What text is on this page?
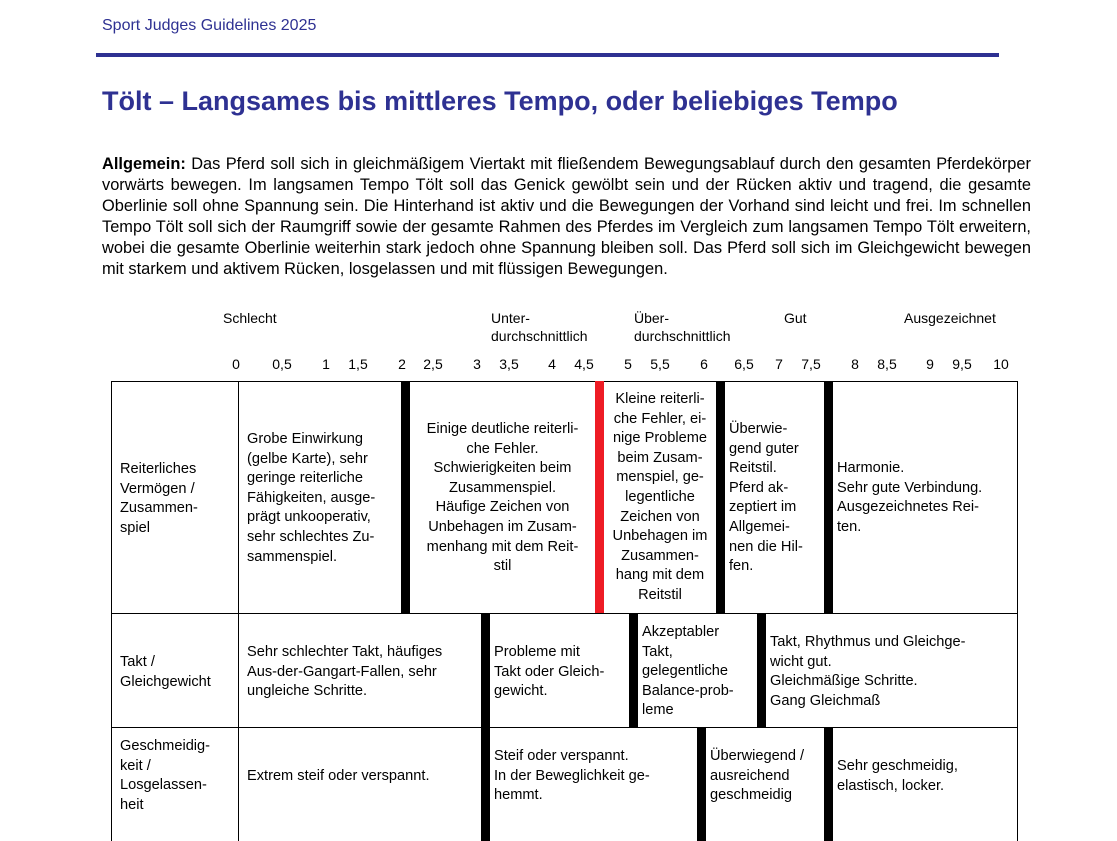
Sport Judges Guidelines 2025
Tölt – Langsames bis mittleres Tempo, oder beliebiges Tempo

Allgemein: Das Pferd soll sich in gleichmäßigem Viertakt mit fließendem Bewegungsablauf durch den gesamten Pferdekörper vorwärts bewegen. Im langsamen Tempo Tölt soll das Genick gewölbt sein und der Rücken aktiv und tragend, die gesamte Oberlinie soll ohne Spannung sein. Die Hinterhand ist aktiv und die Bewegungen der Vorhand sind leicht und frei. Im schnellen Tempo Tölt soll sich der Raumgriff sowie der gesamte Rahmen des Pferdes im Vergleich zum langsamen Tempo Tölt erweitern, wobei die gesamte Oberlinie weiterhin stark jedoch ohne Spannung bleiben soll. Das Pferd soll sich im Gleichgewicht bewegen mit starkem und aktivem Rücken, losgelassen und mit flüssigen Bewegungen.

Schlecht	Unter-
durchschnittlich
Über-
durchschnittlich
Gut	Ausgezeichnet
0 0,5 1 1,5 2 2,5 3 3,5 4 4,5 5 5,5 6 6,5 7 7,5 8 8,5 9 9,5 10
Reiterliches
Vermögen /
Zusammen-
spiel
Grobe Einwirkung
(gelbe Karte), sehr
geringe reiterliche
Fähigkeiten, ausge-
prägt unkooperativ,
sehr schlechtes Zu-
sammenspiel.
Einige deutliche reiterli-
che Fehler.
Schwierigkeiten beim
Zusammenspiel.
Häufige Zeichen von
Unbehagen im Zusam-
menhang mit dem Reit-
stil
Kleine reiterli-
che Fehler, ei-
nige Probleme
beim Zusam-
menspiel, ge-
legentliche
Zeichen von
Unbehagen im
Zusammen-
hang mit dem
Reitstil
Überwie-
gend guter
Reitstil.
Pferd ak-
zeptiert im
Allgemei-
nen die Hil-
fen.
Harmonie.
Sehr gute Verbindung.
Ausgezeichnetes Rei-
ten.
Takt /
Gleichgewicht
Sehr schlechter Takt, häufiges
Aus-der-Gangart-Fallen, sehr
ungleiche Schritte.
Probleme mit
Takt oder Gleich-
gewicht.
Akzeptabler
Takt,
gelegentliche
Balance-prob-
leme
Takt, Rhythmus und Gleichge-
wicht gut.
Gleichmäßige Schritte.
Gang Gleichmaß
Geschmeidig-
keit /
Losgelassen-
heit
Extrem steif oder verspannt.
Steif oder verspannt.
In der Beweglichkeit ge-
hemmt.
Überwiegend /
ausreichend
geschmeidig
Sehr geschmeidig,
elastisch, locker.
